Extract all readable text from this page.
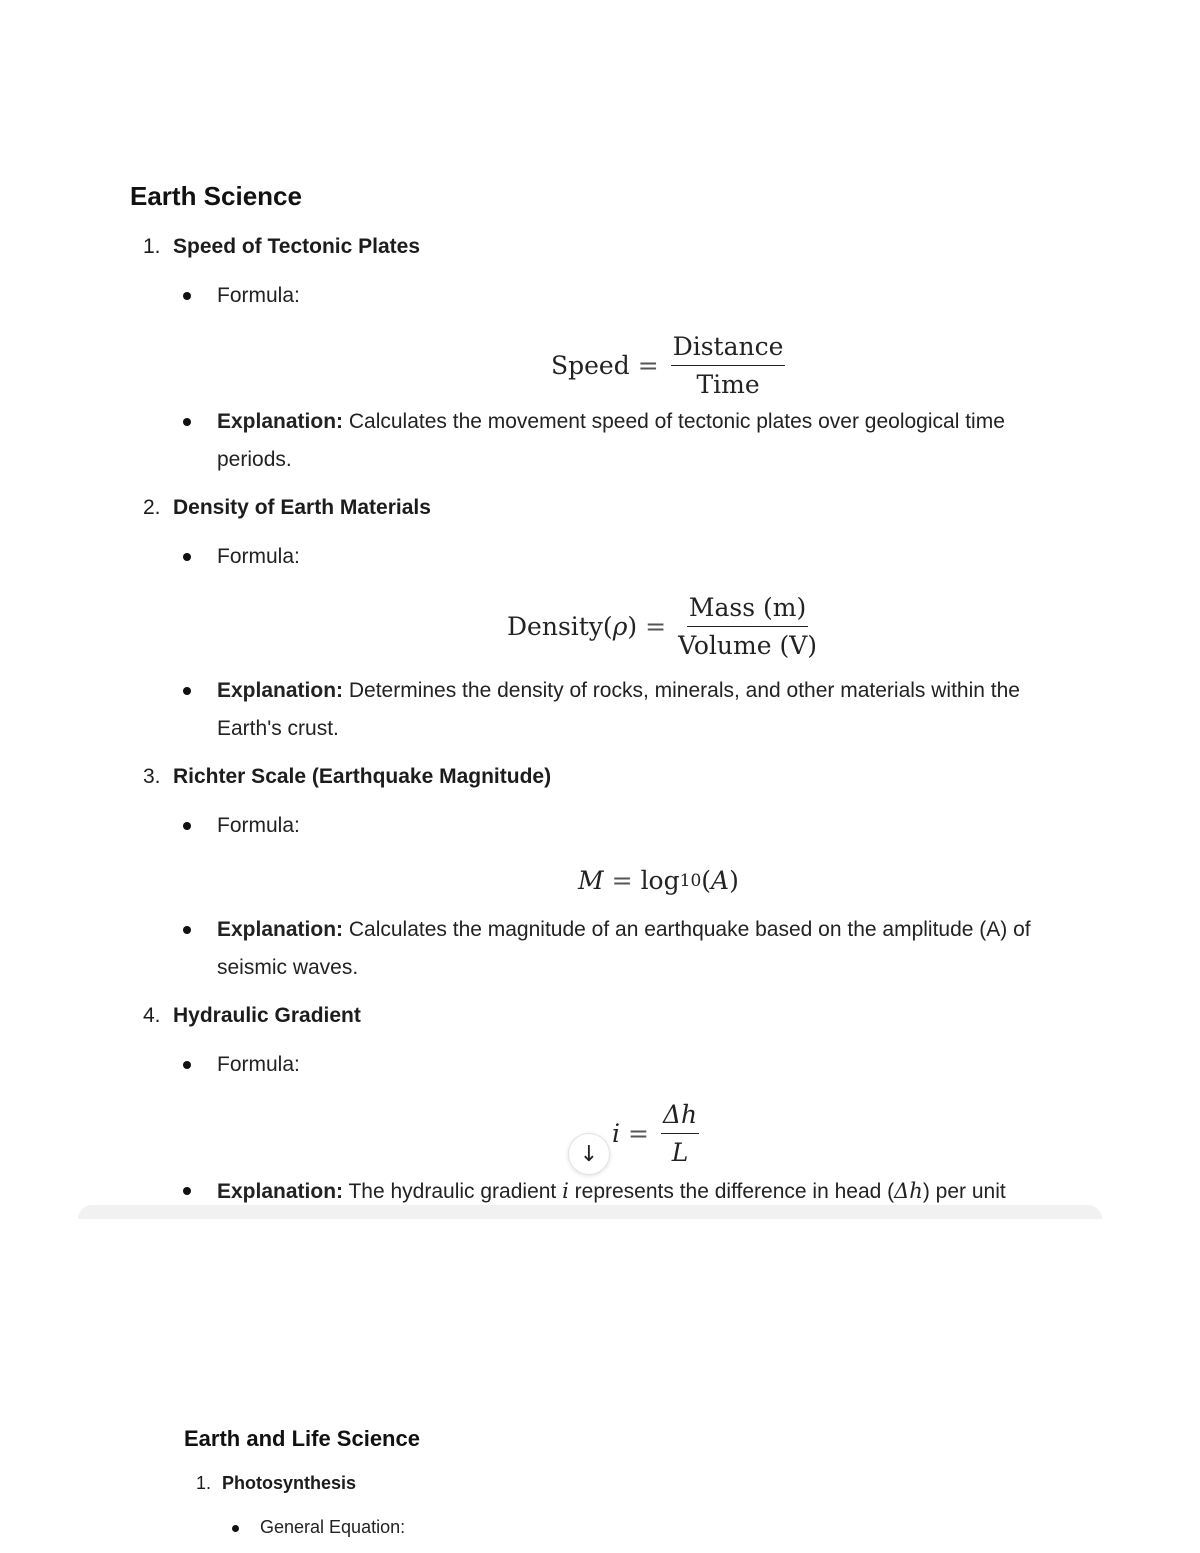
Earth Science
1. Speed of Tectonic Plates
Formula:
Speed = $\frac{\text{Distance}}{\text{Time}}$
Explanation: Calculates the movement speed of tectonic plates over geological time
periods.
2. Density of Earth Materials
Formula:
Density( ρ ) = $\frac{\text{Mass (m)}}{\text{Volume (V)}}$
Explanation: Determines the density of rocks, minerals, and other materials within the
Earth's crust.
3. Richter Scale (Earthquake Magnitude)
Formula:
M = log 10 ( A )
Explanation: Calculates the magnitude of an earthquake based on the amplitude (A) of
seismic waves.
4. Hydraulic Gradient
Formula:
$i = \frac{\Delta h}{L}$
Explanation: The hydraulic gradient i represents the difference in head (Δh) per unit
↓
Earth and Life Science
1. Photosynthesis
General Equation:
